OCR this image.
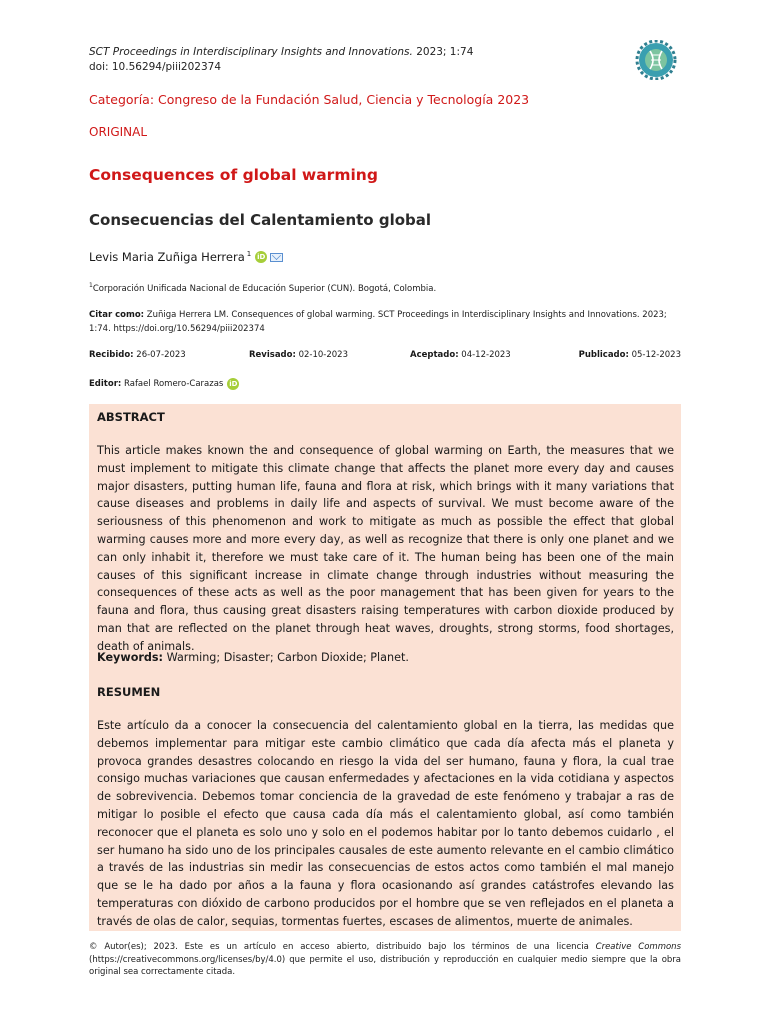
SCT Proceedings in Interdisciplinary Insights and Innovations. 2023; 1:74
doi: 10.56294/piii202374
Categoría: Congreso de la Fundación Salud, Ciencia y Tecnología 2023
ORIGINAL
Consequences of global warming
Consecuencias del Calentamiento global
Levis Maria Zuñiga Herrera $^1$ iD
$^1$Corporación Unificada Nacional de Educación Superior (CUN). Bogotá, Colombia.
Citar como: Zuñiga Herrera LM. Consequences of global warming. SCT Proceedings in Interdisciplinary Insights and Innovations. 2023; 1:74. https://doi.org/10.56294/piii202374
Recibido: 26-07-2023	Revisado: 02-10-2023	Aceptado: 04-12-2023	Publicado: 05-12-2023
Editor:
Rafael Romero-Carazas iD
ABSTRACT
This article makes known the and consequence of global warming on Earth, the measures that we must implement to mitigate this climate change that affects the planet more every day and causes major disasters, putting human life, fauna and flora at risk, which brings with it many variations that cause diseases and problems in daily life and aspects of survival. We must become aware of the seriousness of this phenomenon and work to mitigate as much as possible the effect that global warming causes more and more every day, as well as recognize that there is only one planet and we can only inhabit it, therefore we must take care of it. The human being has been one of the main causes of this significant increase in climate change through industries without measuring the consequences of these acts as well as the poor management that has been given for years to the fauna and flora, thus causing great disasters raising temperatures with carbon dioxide produced by man that are reflected on the planet through heat waves, droughts, strong storms, food shortages, death of animals.
Keywords: Warming; Disaster; Carbon Dioxide; Planet.
RESUMEN
Este artículo da a conocer la consecuencia del calentamiento global en la tierra, las medidas que debemos implementar para mitigar este cambio climático que cada día afecta más el planeta y provoca grandes desastres colocando en riesgo la vida del ser humano, fauna y flora, la cual trae consigo muchas variaciones que causan enfermedades y afectaciones en la vida cotidiana y aspectos de sobrevivencia. Debemos tomar conciencia de la gravedad de este fenómeno y trabajar a ras de mitigar lo posible el efecto que causa cada día más el calentamiento global, así como también reconocer que el planeta es solo uno y solo en el podemos habitar por lo tanto debemos cuidarlo , el ser humano ha sido uno de los principales causales de este aumento relevante en el cambio climático a través de las industrias sin medir las consecuencias de estos actos como también el mal manejo que se le ha dado por años a la fauna y flora ocasionando así grandes catástrofes elevando las temperaturas con dióxido de carbono producidos por el hombre que se ven reflejados en el planeta a través de olas de calor, sequias, tormentas fuertes, escases de alimentos, muerte de animales.
© Autor(es); 2023. Este es un artículo en acceso abierto, distribuido bajo los términos de una licencia Creative Commons (https://creativecommons.org/licenses/by/4.0) que permite el uso, distribución y reproducción en cualquier medio siempre que la obra original sea correctamente citada.
